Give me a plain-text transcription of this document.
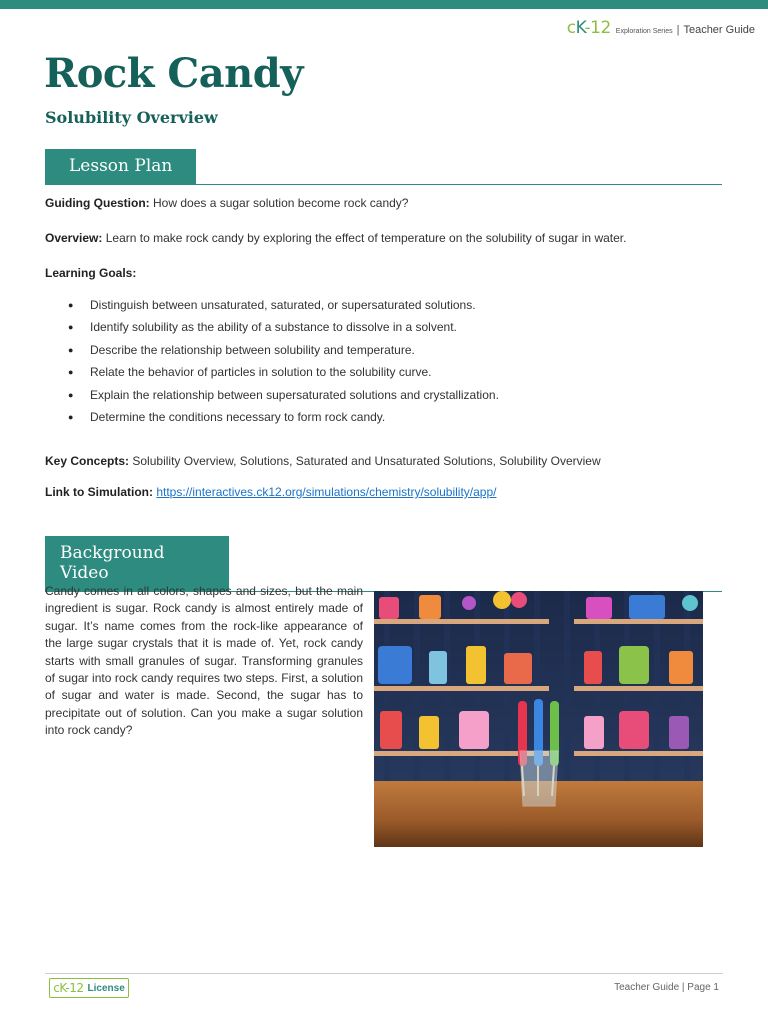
cK-12 Exploration Series | Teacher Guide
Rock Candy
Solubility Overview
Lesson Plan

Guiding Question: How does a sugar solution become rock candy?

Overview: Learn to make rock candy by exploring the effect of temperature on the solubility of sugar in water.

Learning Goals:

● Distinguish between unsaturated, saturated, or supersaturated solutions.
● Identify solubility as the ability of a substance to dissolve in a solvent.
● Describe the relationship between solubility and temperature.
● Relate the behavior of particles in solution to the solubility curve.
● Explain the relationship between supersaturated solutions and crystallization.
● Determine the conditions necessary to form rock candy.

Key Concepts: Solubility Overview, Solutions, Saturated and Unsaturated Solutions, Solubility Overview

Link to Simulation: https://interactives.ck12.org/simulations/chemistry/solubility/app/

Background Video

Candy comes in all colors, shapes and sizes, but the main ingredient is sugar. Rock candy is almost entirely made of sugar. It’s name comes from the rock-like appearance of the large sugar crystals that it is made of. Yet, rock candy starts with small granules of sugar. Transforming granules of sugar into rock candy requires two steps. First, a solution of sugar and water is made. Second, the sugar has to precipitate out of solution. Can you make a sugar solution into rock candy?

cK-12 License	Teacher Guide | Page 1
